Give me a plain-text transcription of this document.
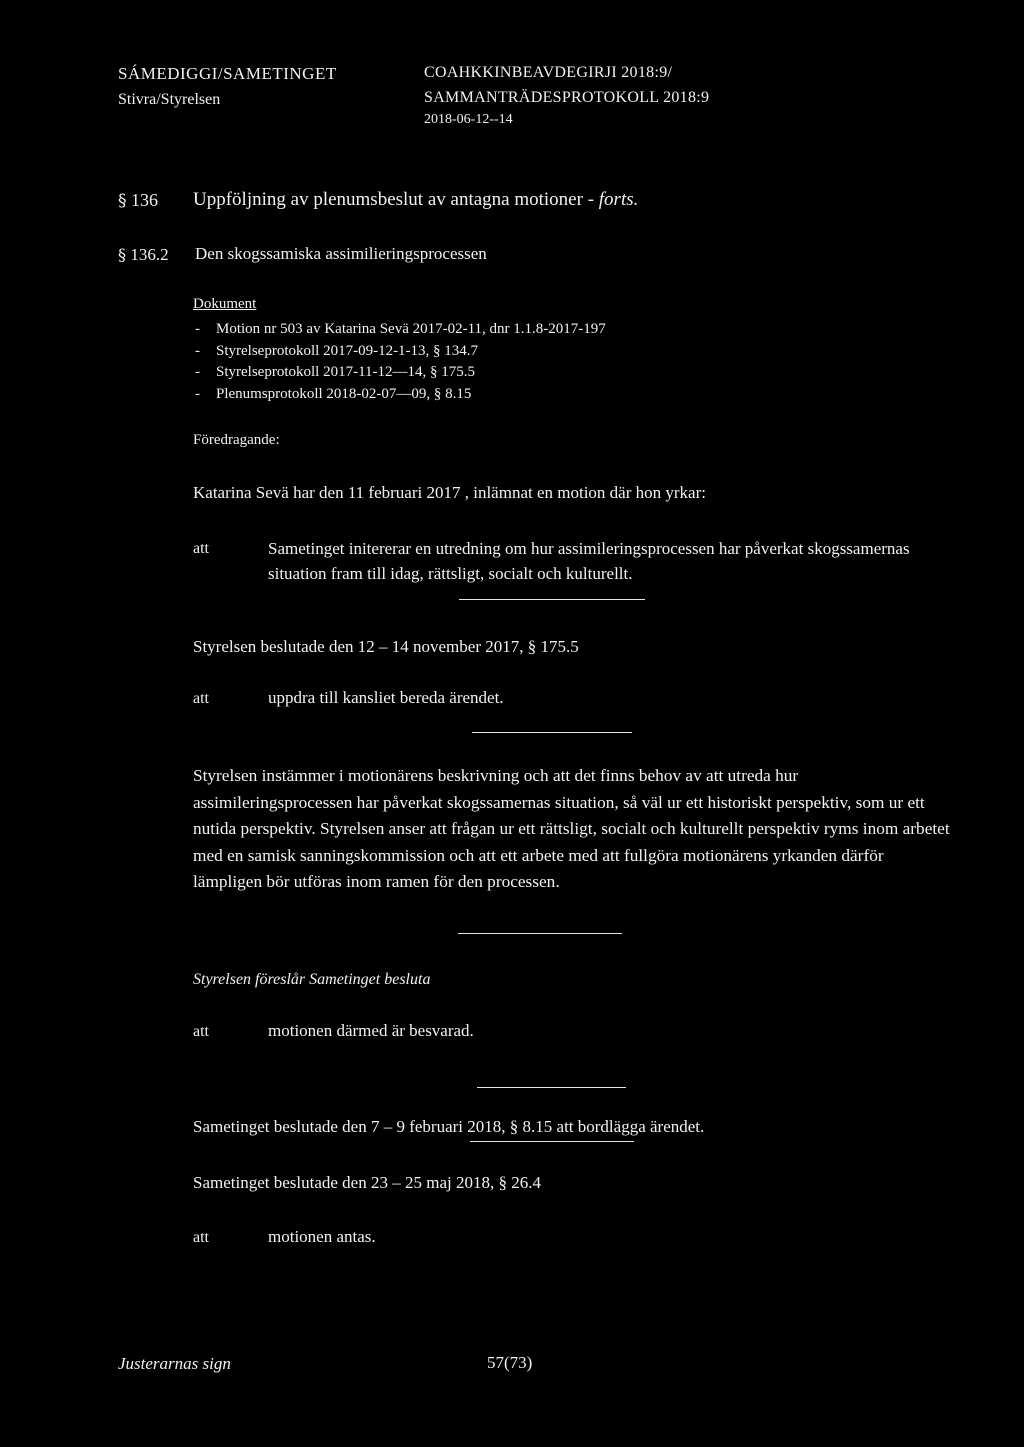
SÁMEDIGGI/SAMETINGET
Stivra/Styrelsen
COAHKKINBEAVDEGIRJI 2018:9/
SAMMANTRÄDESPROTOKOLL 2018:9
2018-06-12--14
§ 136 Uppföljning av plenumsbeslut av antagna motioner - forts.
§ 136.2 Den skogssamiska assimilieringsprocessen
Dokument
- Motion nr 503 av Katarina Sevä 2017-02-11, dnr 1.1.8-2017-197
- Styrelseprotokoll 2017-09-12-1-13, § 134.7
- Styrelseprotokoll 2017-11-12—14, § 175.5
- Plenumsprotokoll 2018-02-07—09, § 8.15
Föredragande:
Katarina Sevä har den 11 februari 2017 , inlämnat en motion där hon yrkar:
att	Sametinget initererar en utredning om hur assimileringsprocessen har påverkat skogssamernas situation fram till idag, rättsligt, socialt och kulturellt.
Styrelsen beslutade den 12 – 14 november 2017, § 175.5
att	uppdra till kansliet bereda ärendet.
Styrelsen instämmer i motionärens beskrivning och att det finns behov av att utreda hur assimileringsprocessen har påverkat skogssamernas situation, så väl ur ett historiskt perspektiv, som ur ett nutida perspektiv. Styrelsen anser att frågan ur ett rättsligt, socialt och kulturellt perspektiv ryms inom arbetet med en samisk sanningskommission och att ett arbete med att fullgöra motionärens yrkanden därför lämpligen bör utföras inom ramen för den processen.
Styrelsen föreslår Sametinget besluta
att	motionen därmed är besvarad.
Sametinget beslutade den 7 – 9 februari 2018, § 8.15 att bordlägga ärendet.
Sametinget beslutade den 23 – 25 maj 2018, § 26.4
att	motionen antas.
Justerarnas sign	57(73)
